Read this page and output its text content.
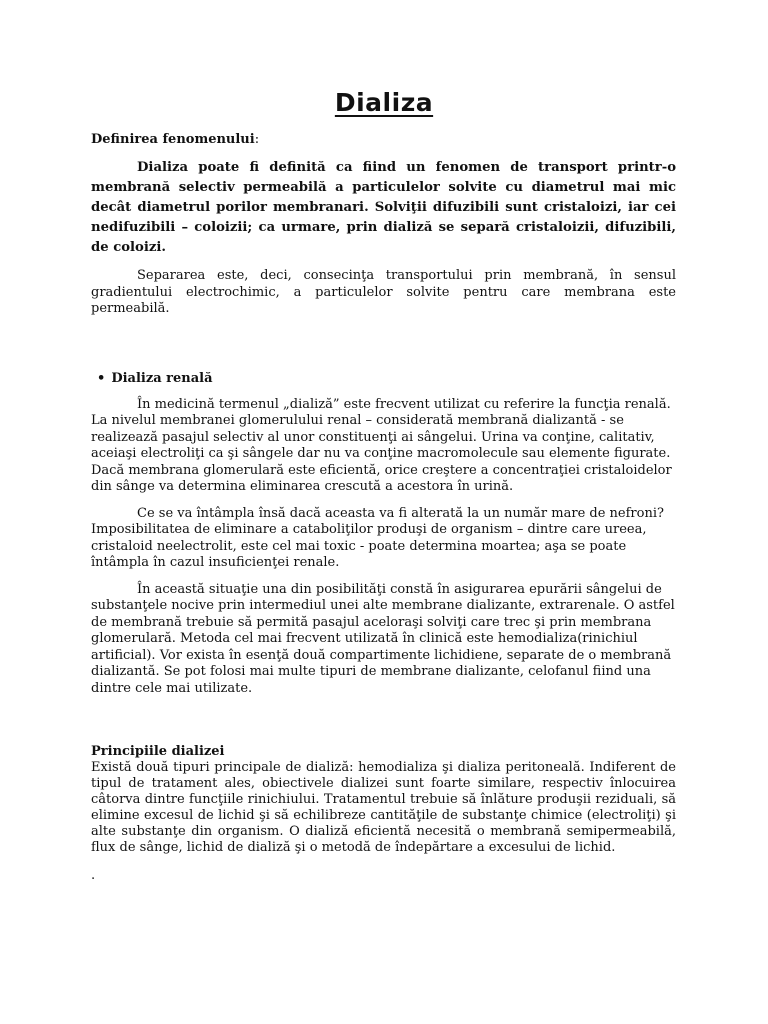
Dializa

Definirea fenomenului:

Dializa poate fi definită ca fiind un fenomen de transport printr-o membrană selectiv permeabilă a particulelor solvite cu diametrul mai mic decât diametrul porilor membranari. Solviţii difuzibili sunt cristaloizi, iar cei nedifuzibili – coloizii; ca urmare, prin dializă se separă cristaloizii, difuzibili, de coloizi.

Separarea este, deci, consecinţa transportului prin membrană, în sensul gradientului electrochimic, a particulelor solvite pentru care membrana este permeabilă.

• Dializa renală

În medicină termenul „dializă” este frecvent utilizat cu referire la funcţia renală. La nivelul membranei glomerulului renal – considerată membrană dializantă - se realizează pasajul selectiv al unor constituenţi ai sângelui. Urina va conţine, calitativ, aceiaşi electroliţi ca şi sângele dar nu va conţine macromolecule sau elemente figurate. Dacă membrana glomerulară este eficientă, orice creştere a concentraţiei cristaloidelor din sânge va determina eliminarea crescută a acestora în urină.

Ce se va întâmpla însă dacă aceasta va fi alterată la un număr mare de nefroni? Imposibilitatea de eliminare a cataboliţilor produşi de organism – dintre care ureea, cristaloid neelectrolit, este cel mai toxic - poate determina moartea; aşa se poate întâmpla în cazul insuficienţei renale.

În această situaţie una din posibilităţi constă în asigurarea epurării sângelui de substanţele nocive prin intermediul unei alte membrane dializante, extrarenale. O astfel de membrană trebuie să permită pasajul aceloraşi solviţi care trec şi prin membrana glomerulară. Metoda cel mai frecvent utilizată în clinică este hemodializa(rinichiul artificial). Vor exista în esenţă două compartimente lichidiene, separate de o membrană dializantă. Se pot folosi mai multe tipuri de membrane dializante, celofanul fiind una dintre cele mai utilizate.

Principiile dializei

Există două tipuri principale de dializă: hemodializa şi dializa peritoneală. Indiferent de tipul de tratament ales, obiectivele dializei sunt foarte similare, respectiv înlocuirea câtorva dintre funcţiile rinichiului. Tratamentul trebuie să înlăture produşii reziduali, să elimine excesul de lichid şi să echilibreze cantităţile de substanţe chimice (electroliţi) şi alte substanţe din organism. O dializă eficientă necesită o membrană semipermeabilă, flux de sânge, lichid de dializă şi o metodă de îndepărtare a excesului de lichid.

.
